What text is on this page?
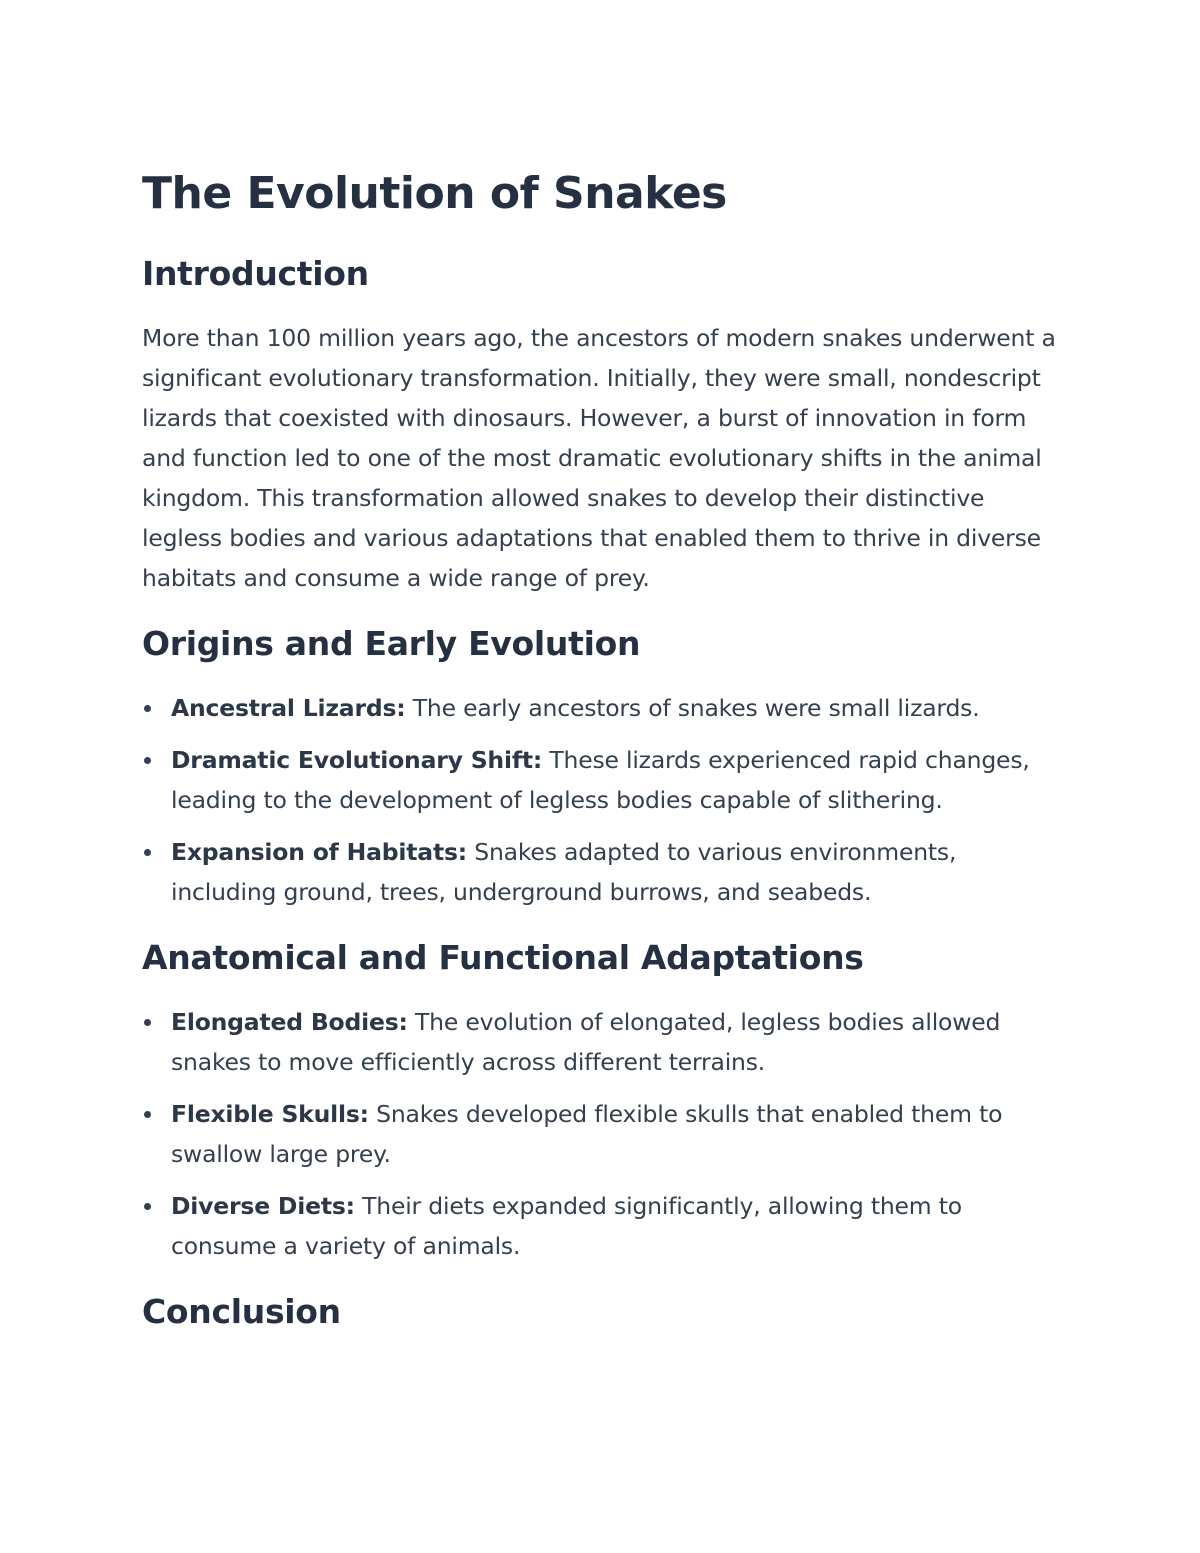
The Evolution of Snakes
Introduction

More than 100 million years ago, the ancestors of modern snakes underwent a significant evolutionary transformation. Initially, they were small, nondescript lizards that coexisted with dinosaurs. However, a burst of innovation in form and function led to one of the most dramatic evolutionary shifts in the animal kingdom. This transformation allowed snakes to develop their distinctive legless bodies and various adaptations that enabled them to thrive in diverse habitats and consume a wide range of prey.

Origins and Early Evolution
Ancestral Lizards: The early ancestors of snakes were small lizards.
Dramatic Evolutionary Shift: These lizards experienced rapid changes, leading to the development of legless bodies capable of slithering.
Expansion of Habitats: Snakes adapted to various environments, including ground, trees, underground burrows, and seabeds.
Anatomical and Functional Adaptations
Elongated Bodies: The evolution of elongated, legless bodies allowed snakes to move efficiently across different terrains.
Flexible Skulls: Snakes developed flexible skulls that enabled them to swallow large prey.
Diverse Diets: Their diets expanded significantly, allowing them to consume a variety of animals.
Conclusion
